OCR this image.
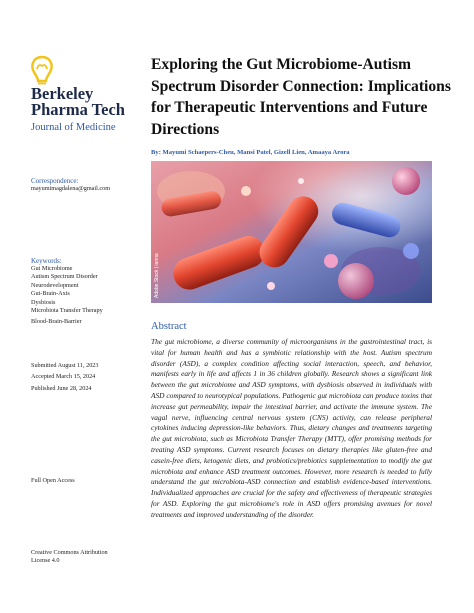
Berkeley
Pharma Tech
Journal of Medicine
Correspondence:
mayumimagdalena@gmail.com
Keywords:
Gut Microbiome
Autism Spectrum Disorder
Neurodevelopment
Gut-Brain-Axis
Dysbiosis
Microbiota Transfer Therapy
Blood-Brain-Barrier
Submitted August 11, 2023
Accepted March 15, 2024
Published June 28, 2024
Full Open Access
Creative Commons Attribution
License 4.0
Exploring the Gut Microbiome-Autism Spectrum Disorder Connection: Implications for Therapeutic Interventions and Future Directions
By: Mayumi Schaepers-Cheu, Mansi Patel, Gizell Lien, Amaaya Arora
Adobe Stock | ianna
Abstract
The gut microbiome, a diverse community of microorganisms in the gastrointestinal tract, is vital for human health and has a symbiotic relationship with the host. Autism spectrum disorder (ASD), a complex condition affecting social interaction, speech, and behavior, manifests early in life and affects 1 in 36 children globally. Research shows a significant link between the gut microbiome and ASD symptoms, with dysbiosis observed in individuals with ASD compared to neurotypical populations. Pathogenic gut microbiota can produce toxins that increase gut permeability, impair the intestinal barrier, and activate the immune system. The vagal nerve, influencing central nervous system (CNS) activity, can release peripheral cytokines inducing depression-like behaviors. Thus, dietary changes and treatments targeting the gut microbiota, such as Microbiota Transfer Therapy (MTT), offer promising methods for treating ASD symptoms. Current research focuses on dietary therapies like gluten-free and casein-free diets, ketogenic diets, and probiotics/prebiotics supplementation to modify the gut microbiota and enhance ASD treatment outcomes. However, more research is needed to fully understand the gut microbiota-ASD connection and establish evidence-based interventions. Individualized approaches are crucial for the safety and effectiveness of therapeutic strategies for ASD. Exploring the gut microbiome's role in ASD offers promising avenues for novel treatments and improved understanding of the disorder.
